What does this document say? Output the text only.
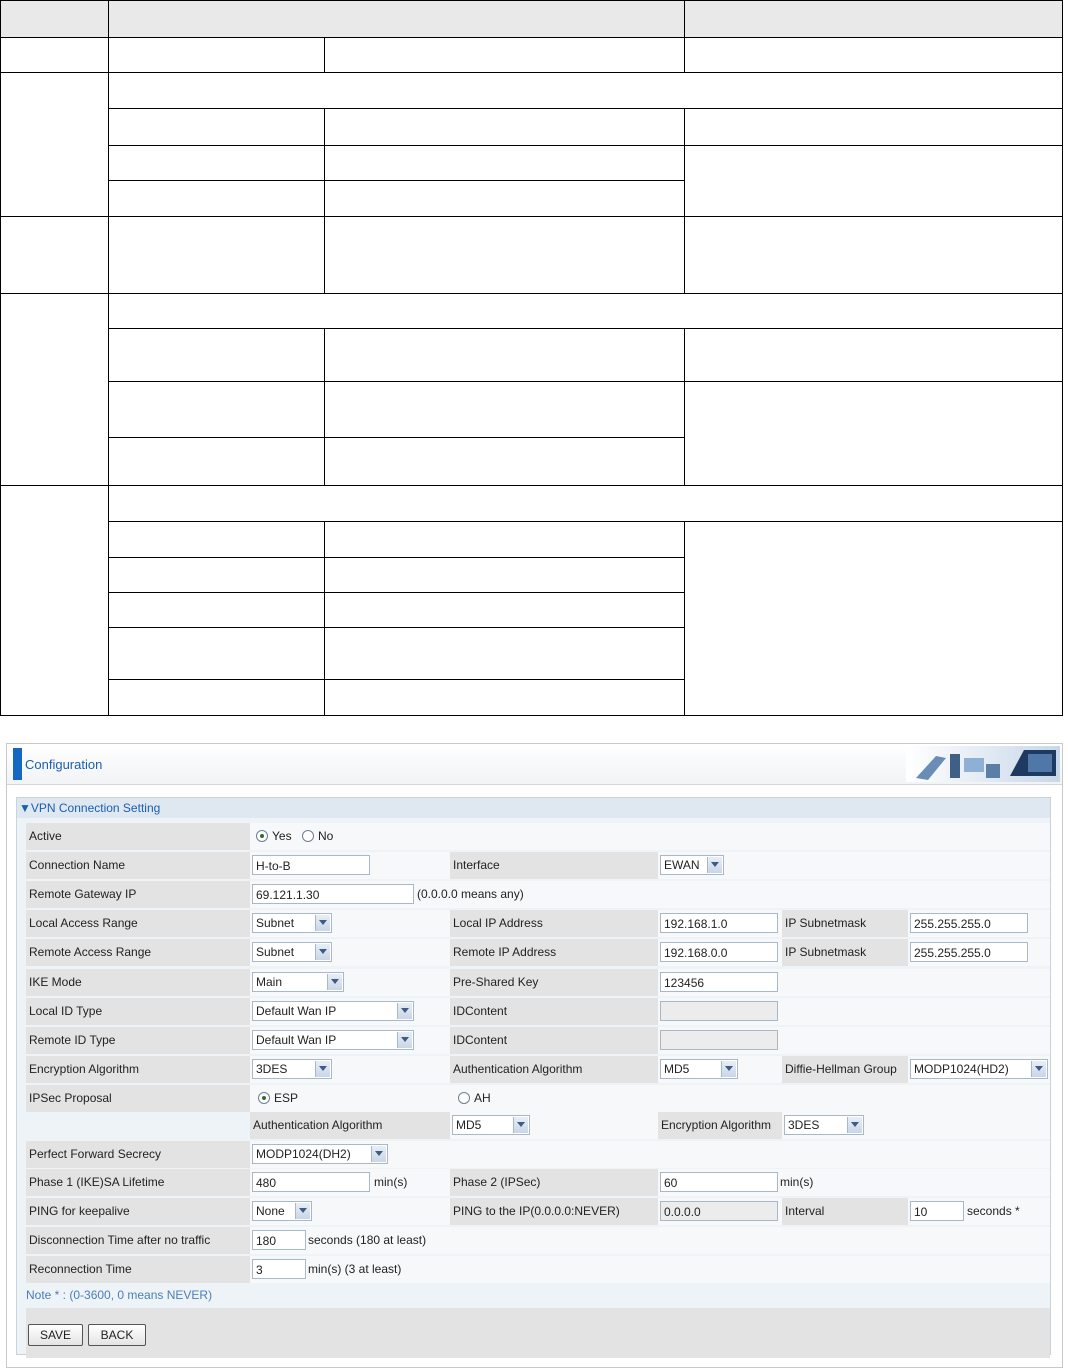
Configuration
▼VPN Connection Setting
Active	Yes No
Connection Name	H-to-B	Interface	EWAN
Remote Gateway IP	69.121.1.30	(0.0.0.0 means any)
Local Access Range	Subnet	Local IP Address	192.168.1.0	IP Subnetmask	255.255.255.0
Remote Access Range	Subnet	Remote IP Address	192.168.0.0	IP Subnetmask	255.255.255.0
IKE Mode	Main	Pre-Shared Key	123456
Local ID Type	Default Wan IP	IDContent
Remote ID Type	Default Wan IP	IDContent
Encryption Algorithm	3DES	Authentication Algorithm	MD5	Diffie-Hellman Group	MODP1024(HD2)
IPSec Proposal	ESP	AH
Authentication Algorithm	MD5	Encryption Algorithm	3DES
Perfect Forward Secrecy	MODP1024(DH2)
Phase 1 (IKE)SA Lifetime	480	min(s)	Phase 2 (IPSec)	60	min(s)
PING for keepalive	None	PING to the IP(0.0.0.0:NEVER)	0.0.0.0	Interval	10	seconds *
Disconnection Time after no traffic	180	seconds (180 at least)
Reconnection Time	3	min(s) (3 at least)
Note * : (0-3600, 0 means NEVER)
SAVE	BACK
